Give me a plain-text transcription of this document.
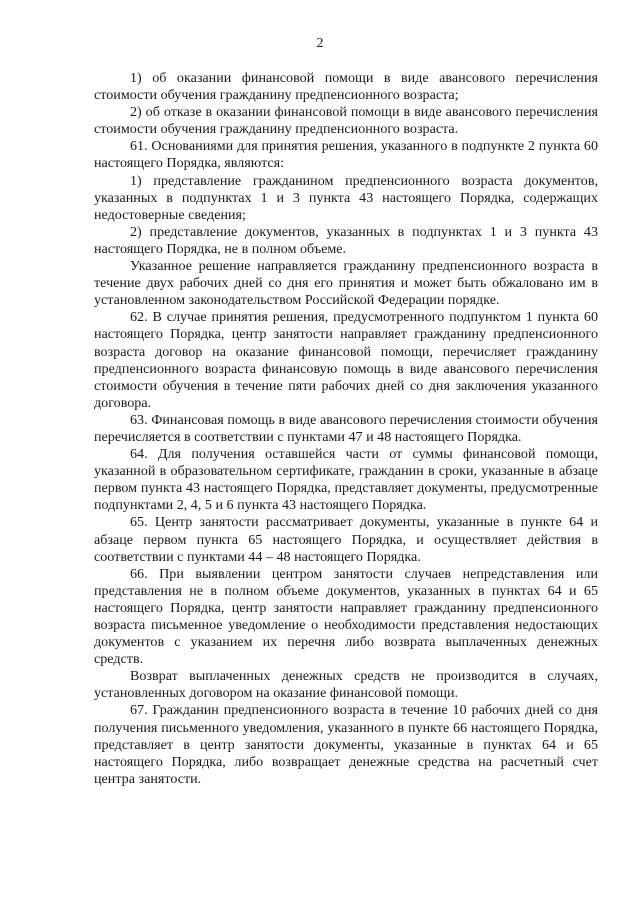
2

1) об оказании финансовой помощи в виде авансового перечисления стоимости обучения гражданину предпенсионного возраста;

2) об отказе в оказании финансовой помощи в виде авансового перечисления стоимости обучения гражданину предпенсионного возраста.

61. Основаниями для принятия решения, указанного в подпункте 2 пункта 60 настоящего Порядка, являются:

1) представление гражданином предпенсионного возраста документов, указанных в подпунктах 1 и 3 пункта 43 настоящего Порядка, содержащих недостоверные сведения;

2) представление документов, указанных в подпунктах 1 и 3 пункта 43 настоящего Порядка, не в полном объеме.

Указанное решение направляется гражданину предпенсионного возраста в течение двух рабочих дней со дня его принятия и может быть обжаловано им в установленном законодательством Российской Федерации порядке.

62. В случае принятия решения, предусмотренного подпунктом 1 пункта 60 настоящего Порядка, центр занятости направляет гражданину предпенсионного возраста договор на оказание финансовой помощи, перечисляет гражданину предпенсионного возраста финансовую помощь в виде авансового перечисления стоимости обучения в течение пяти рабочих дней со дня заключения указанного договора.

63. Финансовая помощь в виде авансового перечисления стоимости обучения перечисляется в соответствии с пунктами 47 и 48 настоящего Порядка.

64. Для получения оставшейся части от суммы финансовой помощи, указанной в образовательном сертификате, гражданин в сроки, указанные в абзаце первом пункта 43 настоящего Порядка, представляет документы, предусмотренные подпунктами 2, 4, 5 и 6 пункта 43 настоящего Порядка.

65. Центр занятости рассматривает документы, указанные в пункте 64 и абзаце первом пункта 65 настоящего Порядка, и осуществляет действия в соответствии с пунктами 44 – 48 настоящего Порядка.

66. При выявлении центром занятости случаев непредставления или представления не в полном объеме документов, указанных в пунктах 64 и 65 настоящего Порядка, центр занятости направляет гражданину предпенсионного возраста письменное уведомление о необходимости представления недостающих документов с указанием их перечня либо возврата выплаченных денежных средств.

Возврат выплаченных денежных средств не производится в случаях, установленных договором на оказание финансовой помощи.

67. Гражданин предпенсионного возраста в течение 10 рабочих дней со дня получения письменного уведомления, указанного в пункте 66 настоящего Порядка, представляет в центр занятости документы, указанные в пунктах 64 и 65 настоящего Порядка, либо возвращает денежные средства на расчетный счет центра занятости.
